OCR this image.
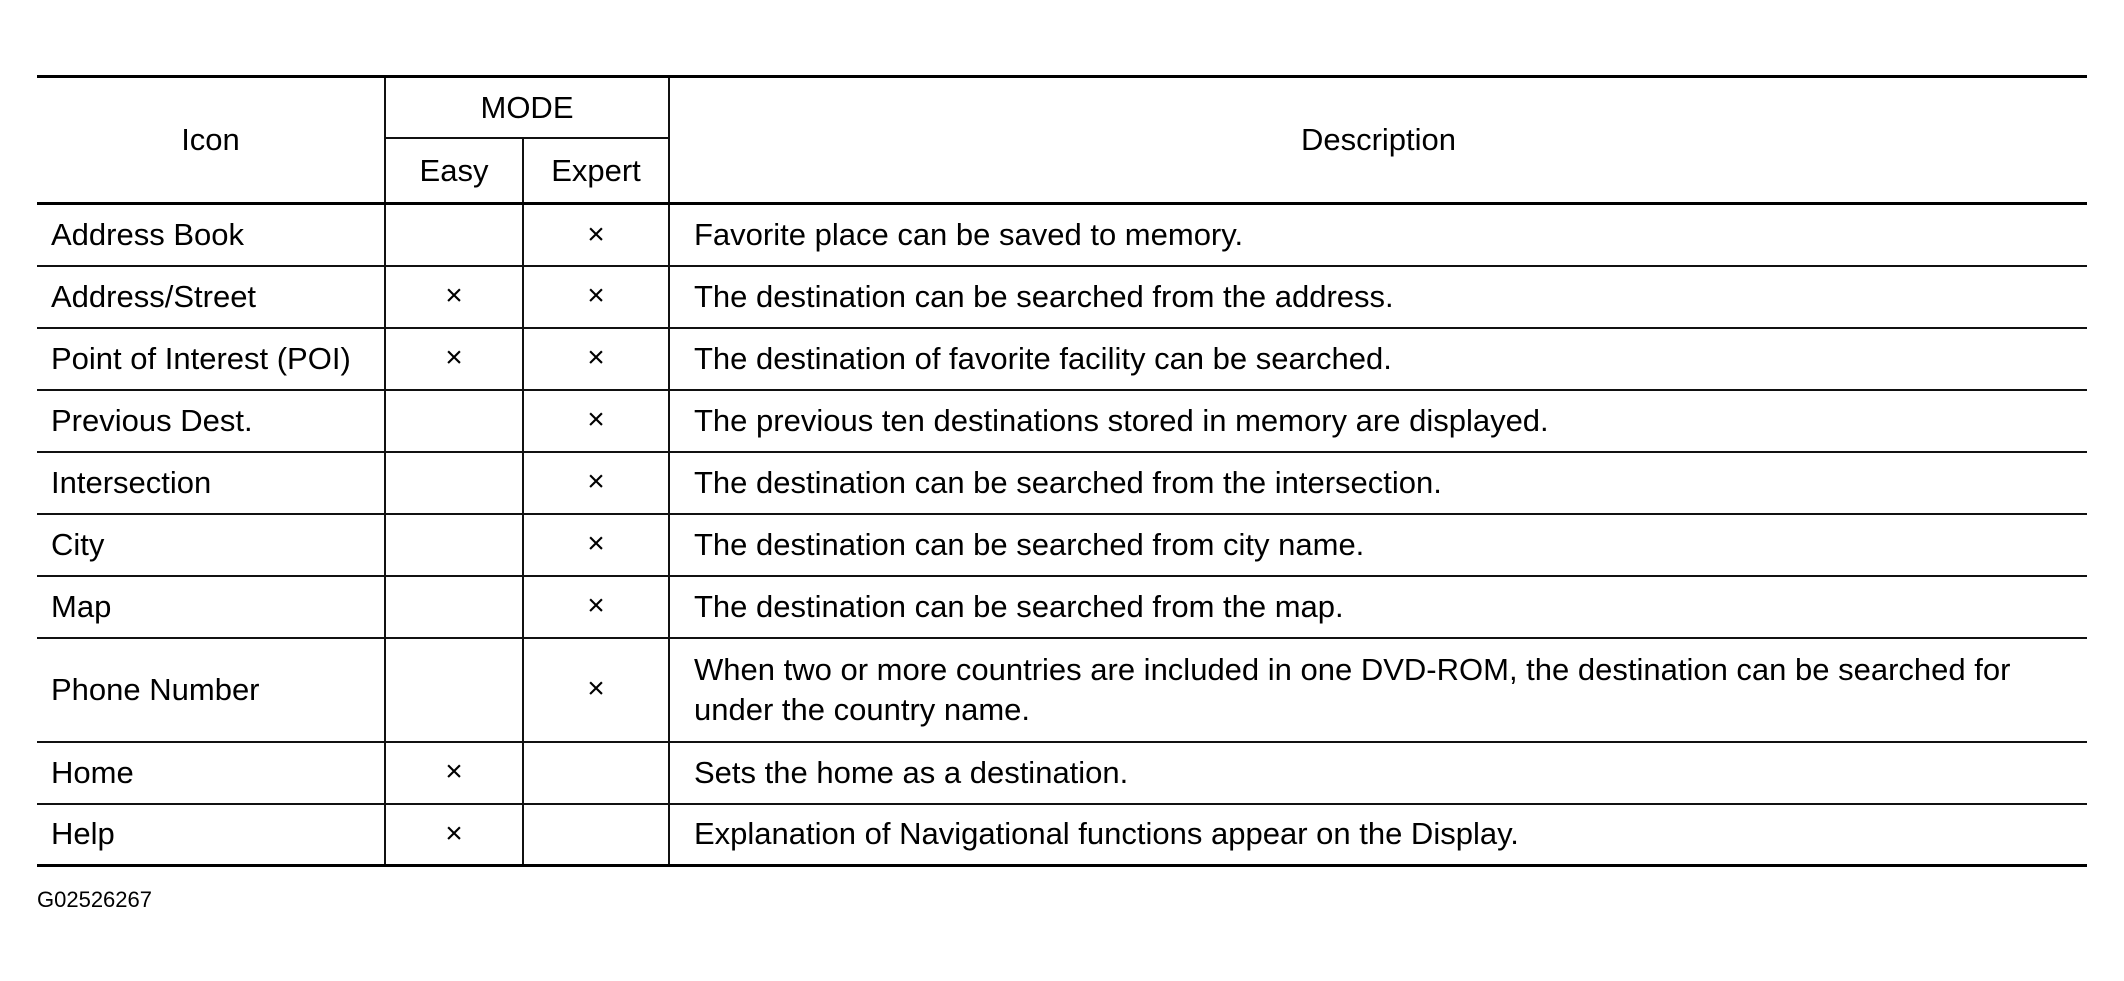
Icon	MODE		Description
	Easy	Expert	
Address Book		×	Favorite place can be saved to memory.
Address/Street	×	×	The destination can be searched from the address.
Point of Interest (POI)	×	×	The destination of favorite facility can be searched.
Previous Dest.		×	The previous ten destinations stored in memory are displayed.
Intersection		×	The destination can be searched from the intersection.
City		×	The destination can be searched from city name.
Map		×	The destination can be searched from the map.
Phone Number		×	When two or more countries are included in one DVD-ROM, the destination can be searched for under the country name.
Home	×		Sets the home as a destination.
Help	×		Explanation of Navigational functions appear on the Display.
G02526267
